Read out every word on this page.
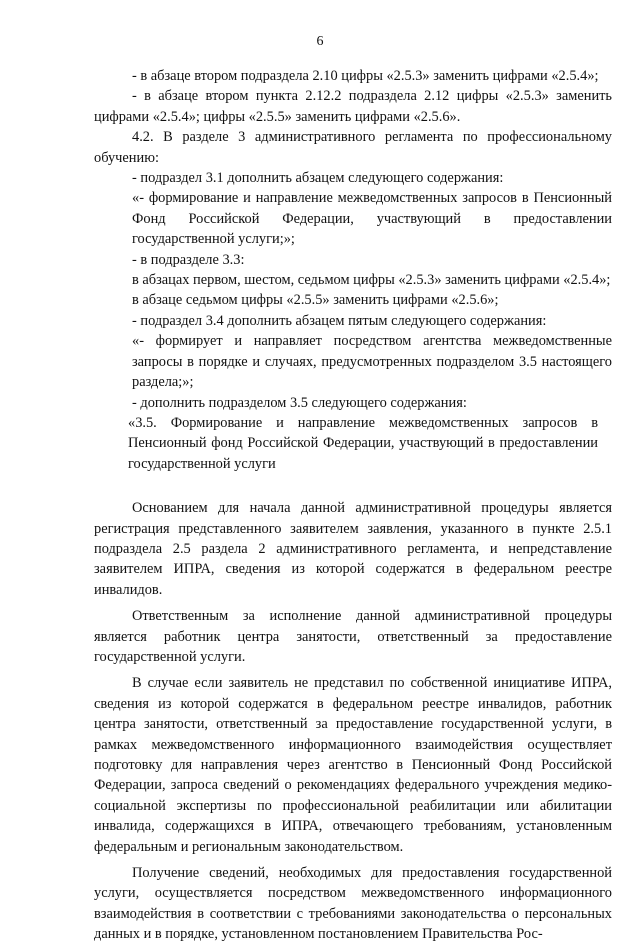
6

- в абзаце втором подраздела 2.10 цифры «2.5.3» заменить цифрами «2.5.4»;

- в абзаце втором пункта 2.12.2 подраздела 2.12 цифры «2.5.3» заменить цифрами «2.5.4»; цифры «2.5.5» заменить цифрами «2.5.6».

4.2. В разделе 3 административного регламента по профессиональному обучению:

- подраздел 3.1 дополнить абзацем следующего содержания:

«- формирование и направление межведомственных запросов в Пенсионный Фонд Российской Федерации, участвующий в предоставлении государственной услуги;»;

- в подразделе 3.3:

в абзацах первом, шестом, седьмом цифры «2.5.3» заменить цифрами «2.5.4»;

в абзаце седьмом цифры «2.5.5» заменить цифрами «2.5.6»;

- подраздел 3.4 дополнить абзацем пятым следующего содержания:

«- формирует и направляет посредством агентства межведомственные запросы в порядке и случаях, предусмотренных подразделом 3.5 настоящего раздела;»;

- дополнить подразделом 3.5 следующего содержания:

«3.5. Формирование и направление межведомственных запросов в Пенсионный фонд Российской Федерации, участвующий в предоставлении государственной услуги

Основанием для начала данной административной процедуры является регистрация представленного заявителем заявления, указанного в пункте 2.5.1 подраздела 2.5 раздела 2 административного регламента, и непредставление заявителем ИПРА, сведения из которой содержатся в федеральном реестре инвалидов.

Ответственным за исполнение данной административной процедуры является работник центра занятости, ответственный за предоставление государственной услуги.

В случае если заявитель не представил по собственной инициативе ИПРА, сведения из которой содержатся в федеральном реестре инвалидов, работник центра занятости, ответственный за предоставление государственной услуги, в рамках межведомственного информационного взаимодействия осуществляет подготовку для направления через агентство в Пенсионный Фонд Российской Федерации, запроса сведений о рекомендациях федерального учреждения медико-социальной экспертизы по профессиональной реабилитации или абилитации инвалида, содержащихся в ИПРА, отвечающего требованиям, установленным федеральным и региональным законодательством.

Получение сведений, необходимых для предоставления государственной услуги, осуществляется посредством межведомственного информационного взаимодействия в соответствии с требованиями законодательства о персональных данных и в порядке, установленном постановлением Правительства Рос-
